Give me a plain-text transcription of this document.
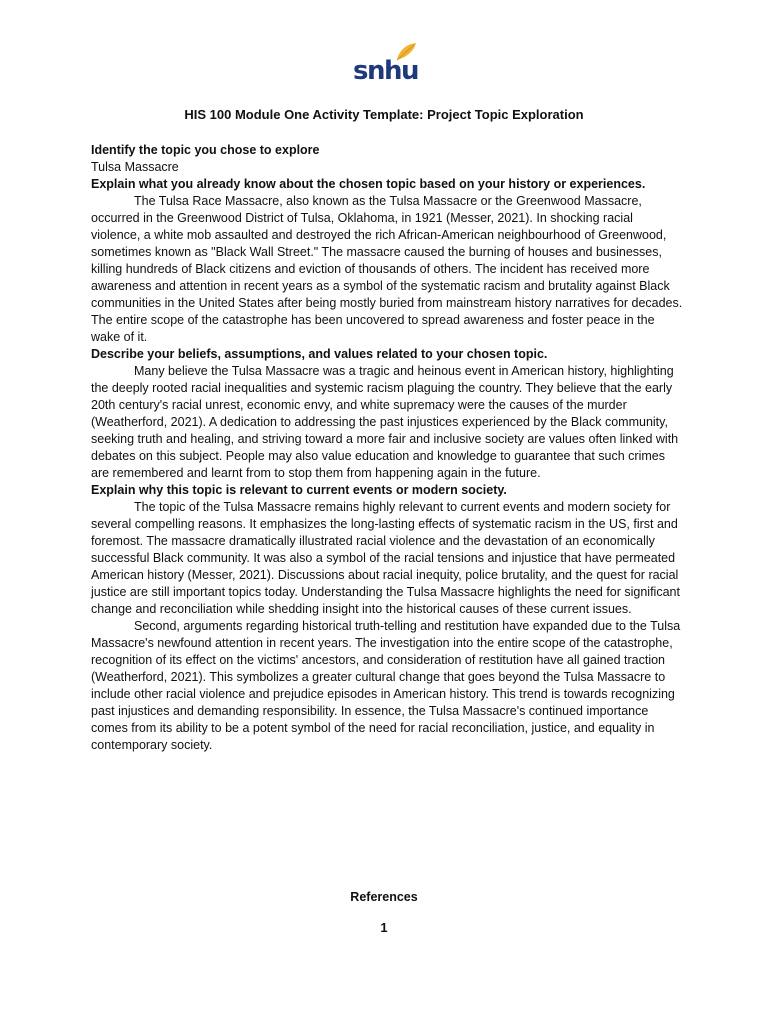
snhu
HIS 100 Module One Activity Template: Project Topic Exploration

Identify the topic you chose to explore

Tulsa Massacre

Explain what you already know about the chosen topic based on your history or experiences.

The Tulsa Race Massacre, also known as the Tulsa Massacre or the Greenwood Massacre, occurred in the Greenwood District of Tulsa, Oklahoma, in 1921 (Messer, 2021). In shocking racial violence, a white mob assaulted and destroyed the rich African-American neighbourhood of Greenwood, sometimes known as "Black Wall Street." The massacre caused the burning of houses and businesses, killing hundreds of Black citizens and eviction of thousands of others. The incident has received more awareness and attention in recent years as a symbol of the systematic racism and brutality against Black communities in the United States after being mostly buried from mainstream history narratives for decades. The entire scope of the catastrophe has been uncovered to spread awareness and foster peace in the wake of it.

Describe your beliefs, assumptions, and values related to your chosen topic.

Many believe the Tulsa Massacre was a tragic and heinous event in American history, highlighting the deeply rooted racial inequalities and systemic racism plaguing the country. They believe that the early 20th century's racial unrest, economic envy, and white supremacy were the causes of the murder (Weatherford, 2021). A dedication to addressing the past injustices experienced by the Black community, seeking truth and healing, and striving toward a more fair and inclusive society are values often linked with debates on this subject. People may also value education and knowledge to guarantee that such crimes are remembered and learnt from to stop them from happening again in the future.

Explain why this topic is relevant to current events or modern society.

The topic of the Tulsa Massacre remains highly relevant to current events and modern society for several compelling reasons. It emphasizes the long-lasting effects of systematic racism in the US, first and foremost. The massacre dramatically illustrated racial violence and the devastation of an economically successful Black community. It was also a symbol of the racial tensions and injustice that have permeated American history (Messer, 2021). Discussions about racial inequity, police brutality, and the quest for racial justice are still important topics today. Understanding the Tulsa Massacre highlights the need for significant change and reconciliation while shedding insight into the historical causes of these current issues.

Second, arguments regarding historical truth-telling and restitution have expanded due to the Tulsa Massacre's newfound attention in recent years. The investigation into the entire scope of the catastrophe, recognition of its effect on the victims' ancestors, and consideration of restitution have all gained traction (Weatherford, 2021). This symbolizes a greater cultural change that goes beyond the Tulsa Massacre to include other racial violence and prejudice episodes in American history. This trend is towards recognizing past injustices and demanding responsibility. In essence, the Tulsa Massacre's continued importance comes from its ability to be a potent symbol of the need for racial reconciliation, justice, and equality in contemporary society.

References
1
